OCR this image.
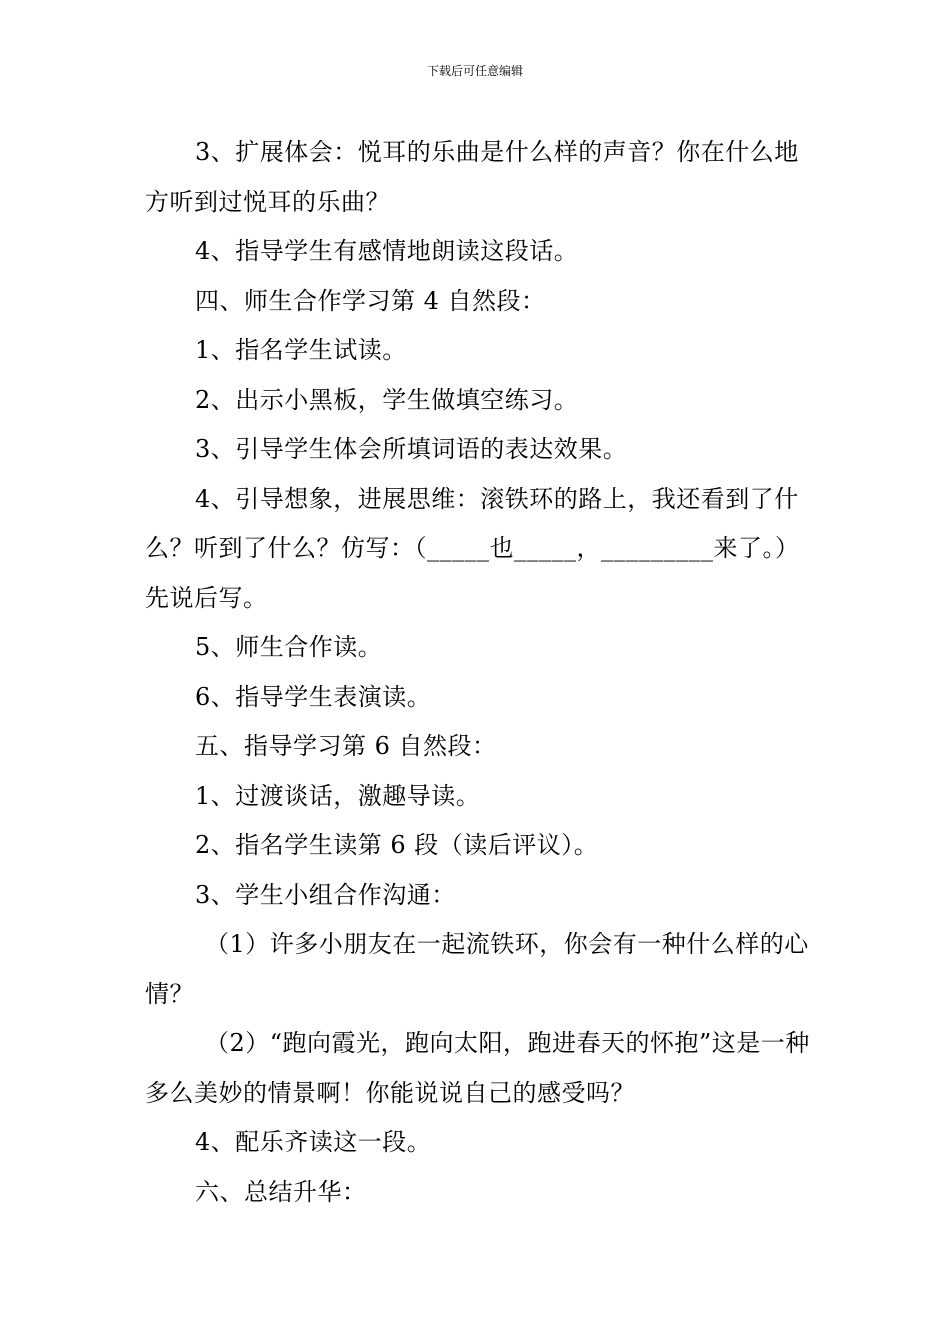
下载后可任意编辑

3、扩展体会：悦耳的乐曲是什么样的声音？你在什么地方听到过悦耳的乐曲？

4、指导学生有感情地朗读这段话。

四、师生合作学习第 4 自然段：

1、指名学生试读。

2、出示小黑板，学生做填空练习。

3、引导学生体会所填词语的表达效果。

4、引导想象，进展思维：滚铁环的路上，我还看到了什么？听到了什么？仿写：（_____也_____，_________来了。）先说后写。

5、师生合作读。

6、指导学生表演读。

五、指导学习第 6 自然段：

1、过渡谈话，激趣导读。

2、指名学生读第 6 段（读后评议）。

3、学生小组合作沟通：

（1）许多小朋友在一起流铁环，你会有一种什么样的心情？

（2）“跑向霞光，跑向太阳，跑进春天的怀抱”这是一种多么美妙的情景啊！你能说说自己的感受吗？

4、配乐齐读这一段。

六、总结升华：
